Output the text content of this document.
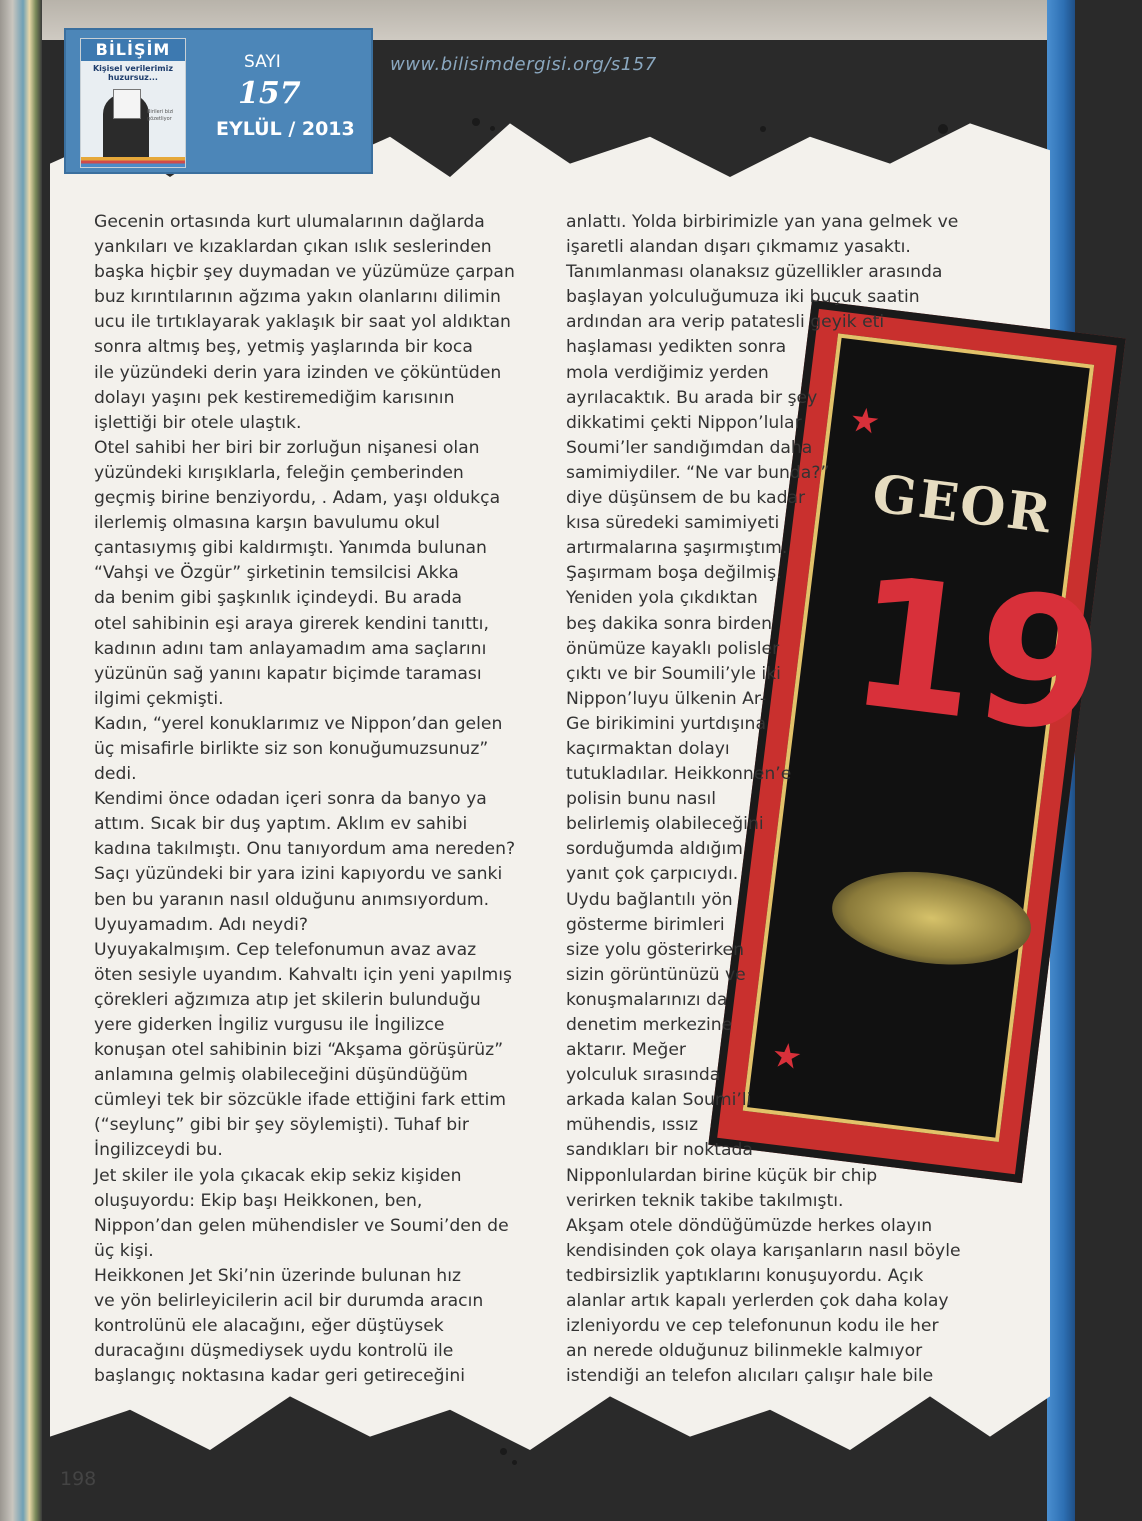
BİLİŞİM
Kişisel verilerimiz huzursuz...
Birileri bizi gözetliyor
SAYI
157
EYLÜL / 2013
www.bilisimdergisi.org/s157
★
GEOR
19
★
Gecenin ortasında kurt ulumalarının dağlarda
yankıları ve kızaklardan çıkan ıslık seslerinden
başka hiçbir şey duymadan ve yüzümüze çarpan
buz kırıntılarının ağzıma yakın olanlarını dilimin
ucu ile tırtıklayarak yaklaşık bir saat yol aldıktan
sonra altmış beş, yetmiş yaşlarında bir koca
ile yüzündeki derin yara izinden ve çöküntüden
dolayı yaşını pek kestiremediğim karısının
işlettiği bir otele ulaştık.
Otel sahibi her biri bir zorluğun nişanesi olan
yüzündeki kırışıklarla, feleğin çemberinden
geçmiş birine benziyordu, . Adam, yaşı oldukça
ilerlemiş olmasına karşın bavulumu okul
çantasıymış gibi kaldırmıştı. Yanımda bulunan
“Vahşi ve Özgür” şirketinin temsilcisi Akka
da benim gibi şaşkınlık içindeydi. Bu arada
otel sahibinin eşi araya girerek kendini tanıttı,
kadının adını tam anlayamadım ama saçlarını
yüzünün sağ yanını kapatır biçimde taraması
ilgimi çekmişti.
Kadın, “yerel konuklarımız ve Nippon’dan gelen
üç misafirle birlikte siz son konuğumuzsunuz”
dedi.
Kendimi önce odadan içeri sonra da banyo ya
attım. Sıcak bir duş yaptım. Aklım ev sahibi
kadına takılmıştı. Onu tanıyordum ama nereden?
Saçı yüzündeki bir yara izini kapıyordu ve sanki
ben bu yaranın nasıl olduğunu anımsıyordum.
Uyuyamadım. Adı neydi?
Uyuyakalmışım. Cep telefonumun avaz avaz
öten sesiyle uyandım. Kahvaltı için yeni yapılmış
çörekleri ağzımıza atıp jet skilerin bulunduğu
yere giderken İngiliz vurgusu ile İngilizce
konuşan otel sahibinin bizi “Akşama görüşürüz”
anlamına gelmiş olabileceğini düşündüğüm
cümleyi tek bir sözcükle ifade ettiğini fark ettim
(“seylunç” gibi bir şey söylemişti). Tuhaf bir
İngilizceydi bu.
Jet skiler ile yola çıkacak ekip sekiz kişiden
oluşuyordu: Ekip başı Heikkonen, ben,
Nippon’dan gelen mühendisler ve Soumi’den de
üç kişi.
Heikkonen Jet Ski’nin üzerinde bulunan hız
ve yön belirleyicilerin acil bir durumda aracın
kontrolünü ele alacağını, eğer düştüysek
duracağını düşmediysek uydu kontrolü ile
başlangıç noktasına kadar geri getireceğini
anlattı. Yolda birbirimizle yan yana gelmek ve
işaretli alandan dışarı çıkmamız yasaktı.
Tanımlanması olanaksız güzellikler arasında
başlayan yolculuğumuza iki buçuk saatin
ardından ara verip patatesli geyik eti
haşlaması yedikten sonra
mola verdiğimiz yerden
ayrılacaktık. Bu arada bir şey
dikkatimi çekti Nippon’lular
Soumi’ler sandığımdan daha
samimiydiler. “Ne var bunda?”
diye düşünsem de bu kadar
kısa süredeki samimiyeti
artırmalarına şaşırmıştım.
Şaşırmam boşa değilmiş.
Yeniden yola çıkdıktan
beş dakika sonra birden
önümüze kayaklı polisler
çıktı ve bir Soumili’yle iki
Nippon’luyu ülkenin Ar-
Ge birikimini yurtdışına
kaçırmaktan dolayı
tutukladılar. Heikkonnen’e
polisin bunu nasıl
belirlemiş olabileceğini
sorduğumda aldığım
yanıt çok çarpıcıydı.
Uydu bağlantılı yön
gösterme birimleri
size yolu gösterirken
sizin görüntünüzü ve
konuşmalarınızı da
denetim merkezine
aktarır. Meğer
yolculuk sırasında
arkada kalan Soumi’li
mühendis, ıssız
sandıkları bir noktada
Nipponlulardan birine küçük bir chip
verirken teknik takibe takılmıştı.
Akşam otele döndüğümüzde herkes olayın
kendisinden çok olaya karışanların nasıl böyle
tedbirsizlik yaptıklarını konuşuyordu. Açık
alanlar artık kapalı yerlerden çok daha kolay
izleniyordu ve cep telefonunun kodu ile her
an nerede olduğunuz bilinmekle kalmıyor
istendiği an telefon alıcıları çalışır hale bile
198
